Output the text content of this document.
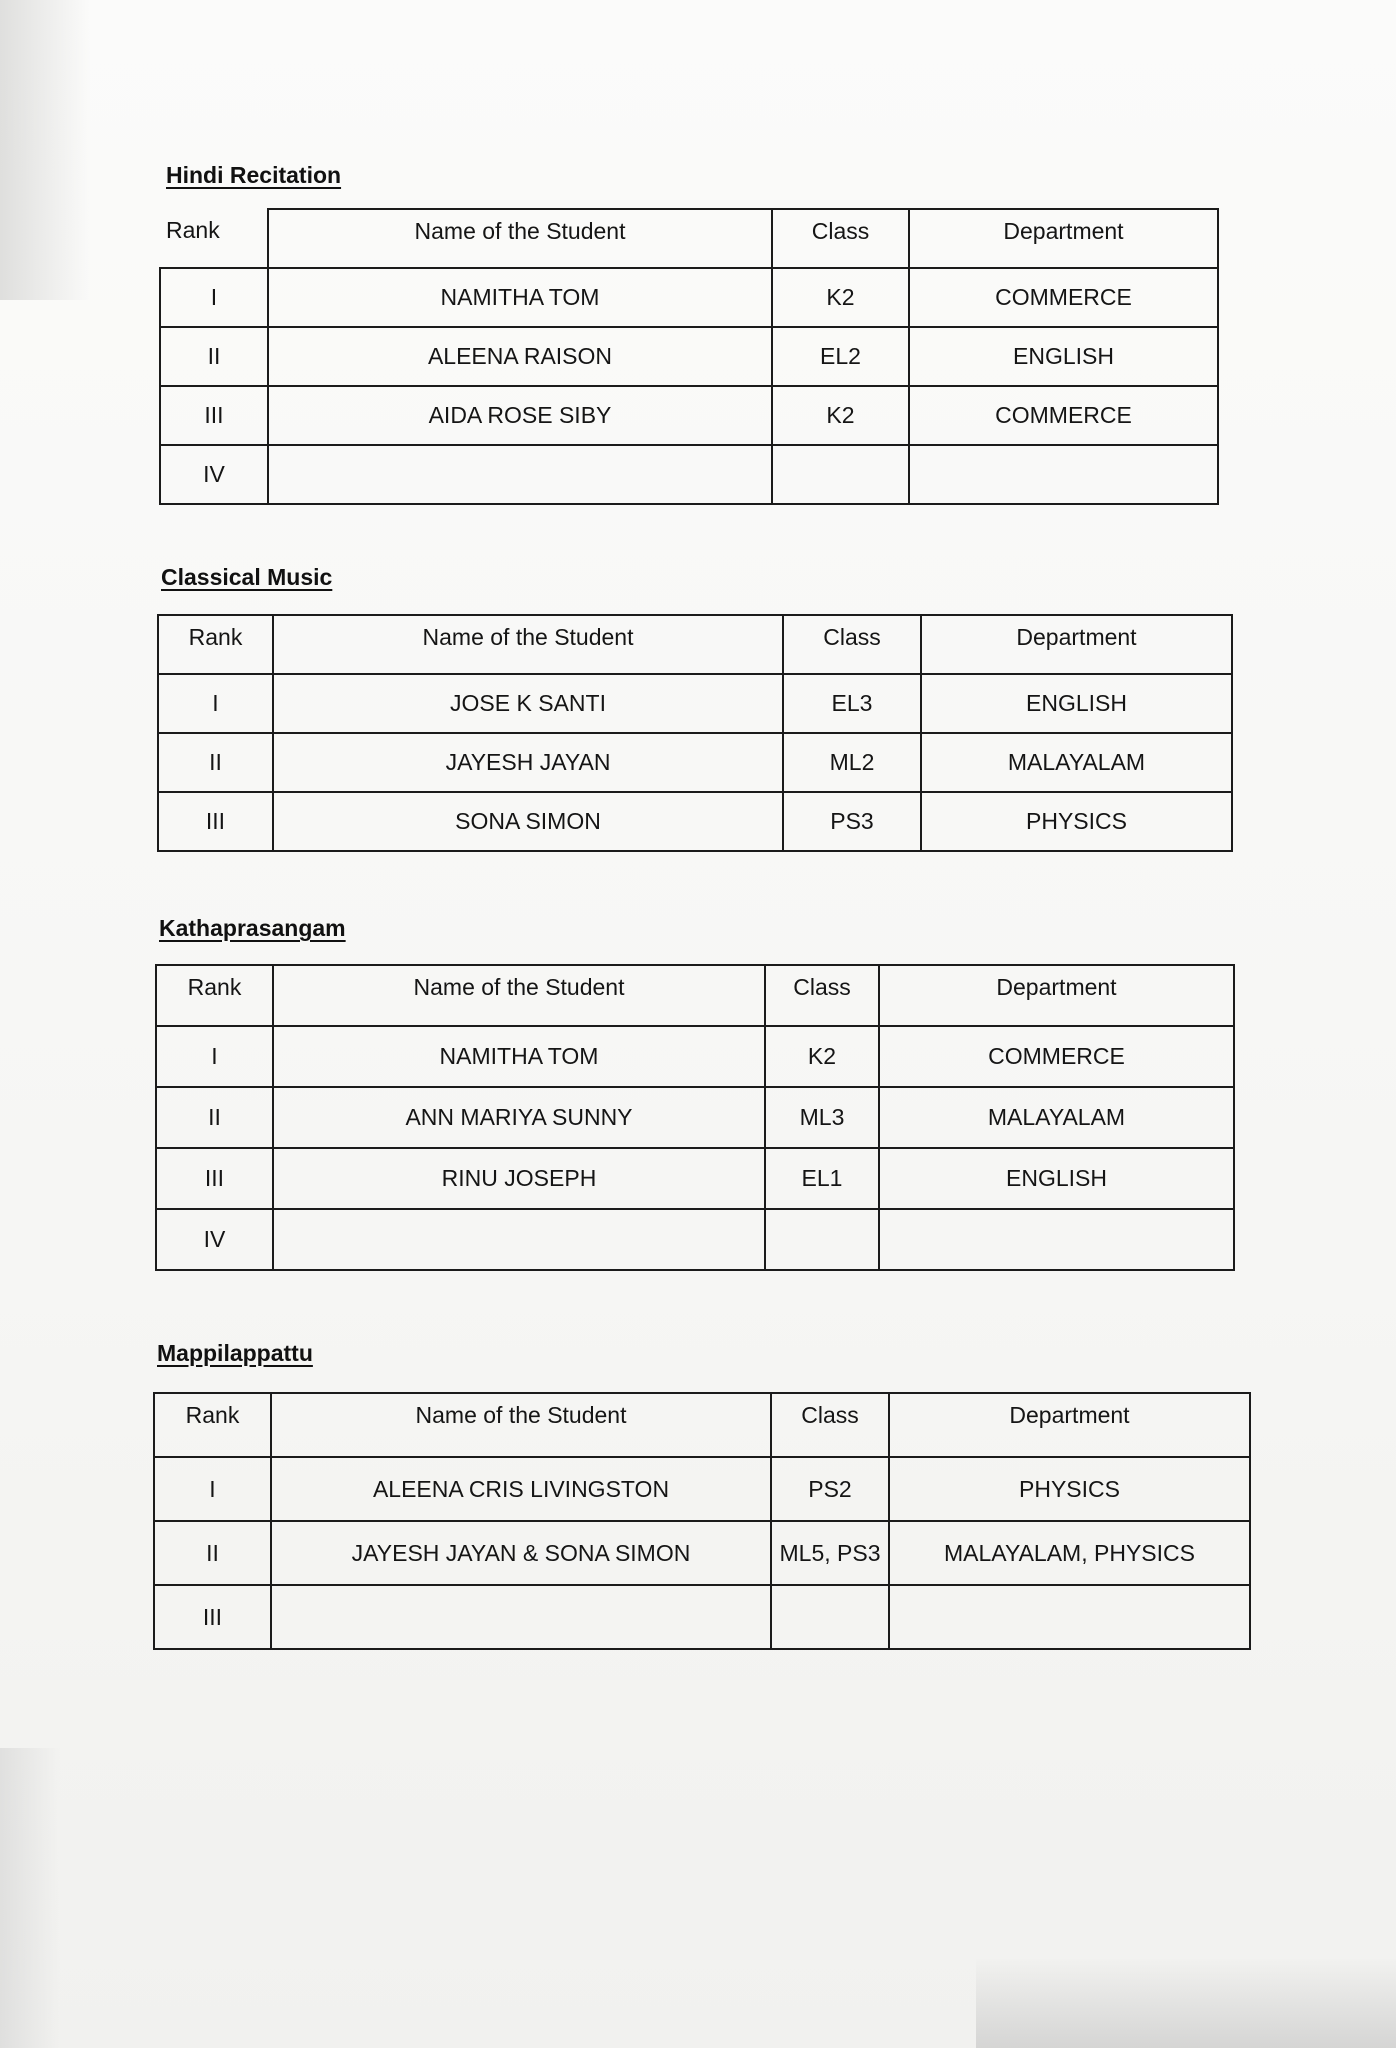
Hindi Recitation
Rank	Name of the Student	Class	Department
I	NAMITHA TOM	K2	COMMERCE
II	ALEENA RAISON	EL2	ENGLISH
III	AIDA ROSE SIBY	K2	COMMERCE
IV			
Classical Music
Rank	Name of the Student	Class	Department
I	JOSE K SANTI	EL3	ENGLISH
II	JAYESH JAYAN	ML2	MALAYALAM
III	SONA SIMON	PS3	PHYSICS
Kathaprasangam
Rank	Name of the Student	Class	Department
I	NAMITHA TOM	K2	COMMERCE
II	ANN MARIYA SUNNY	ML3	MALAYALAM
III	RINU JOSEPH	EL1	ENGLISH
IV			
Mappilappattu
Rank	Name of the Student	Class	Department
I	ALEENA CRIS LIVINGSTON	PS2	PHYSICS
II	JAYESH JAYAN & SONA SIMON	ML5, PS3	MALAYALAM, PHYSICS
III			
